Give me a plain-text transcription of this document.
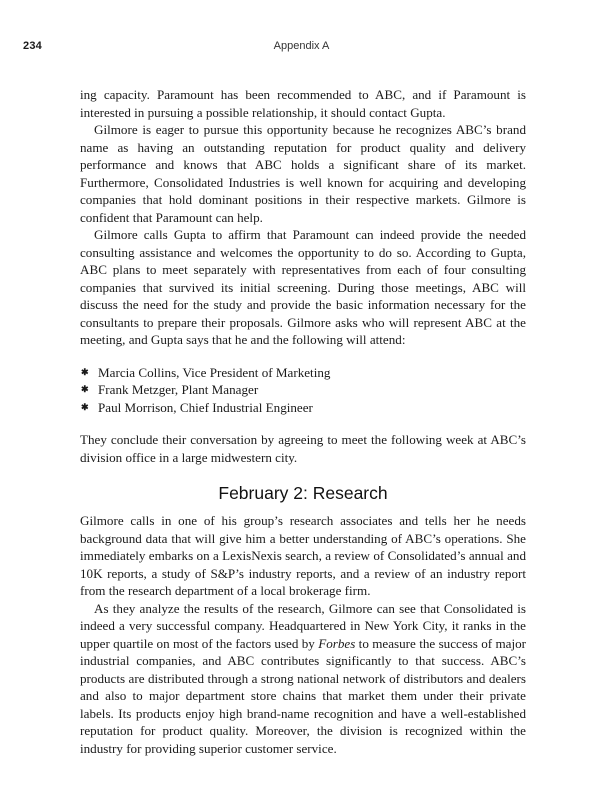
234	Appendix A

ing capacity. Paramount has been recommended to ABC, and if Paramount is interested in pursuing a possible relationship, it should contact Gupta.

Gilmore is eager to pursue this opportunity because he recognizes ABC’s brand name as having an outstanding reputation for product quality and delivery performance and knows that ABC holds a significant share of its market. Furthermore, Consolidated Industries is well known for acquiring and developing companies that hold dominant positions in their respective markets. Gilmore is confident that Paramount can help.

Gilmore calls Gupta to affirm that Paramount can indeed provide the needed consulting assistance and welcomes the opportunity to do so. According to Gupta, ABC plans to meet separately with representatives from each of four consulting companies that survived its initial screening. During those meetings, ABC will discuss the need for the study and provide the basic information necessary for the consultants to prepare their proposals. Gilmore asks who will represent ABC at the meeting, and Gupta says that he and the following will attend:

✱ Marcia Collins, Vice President of Marketing
✱ Frank Metzger, Plant Manager
✱ Paul Morrison, Chief Industrial Engineer

They conclude their conversation by agreeing to meet the following week at ABC’s division office in a large midwestern city.

February 2: Research

Gilmore calls in one of his group’s research associates and tells her he needs background data that will give him a better understanding of ABC’s operations. She immediately embarks on a LexisNexis search, a review of Consolidated’s annual and 10K reports, a study of S&P’s industry reports, and a review of an industry report from the research department of a local brokerage firm.

As they analyze the results of the research, Gilmore can see that Consolidated is indeed a very successful company. Headquartered in New York City, it ranks in the upper quartile on most of the factors used by Forbes to measure the success of major industrial companies, and ABC contributes significantly to that success. ABC’s products are distributed through a strong national network of distributors and dealers and also to major department store chains that market them under their private labels. Its products enjoy high brand-name recognition and have a well-established reputation for product quality. Moreover, the division is recognized within the industry for providing superior customer service.
